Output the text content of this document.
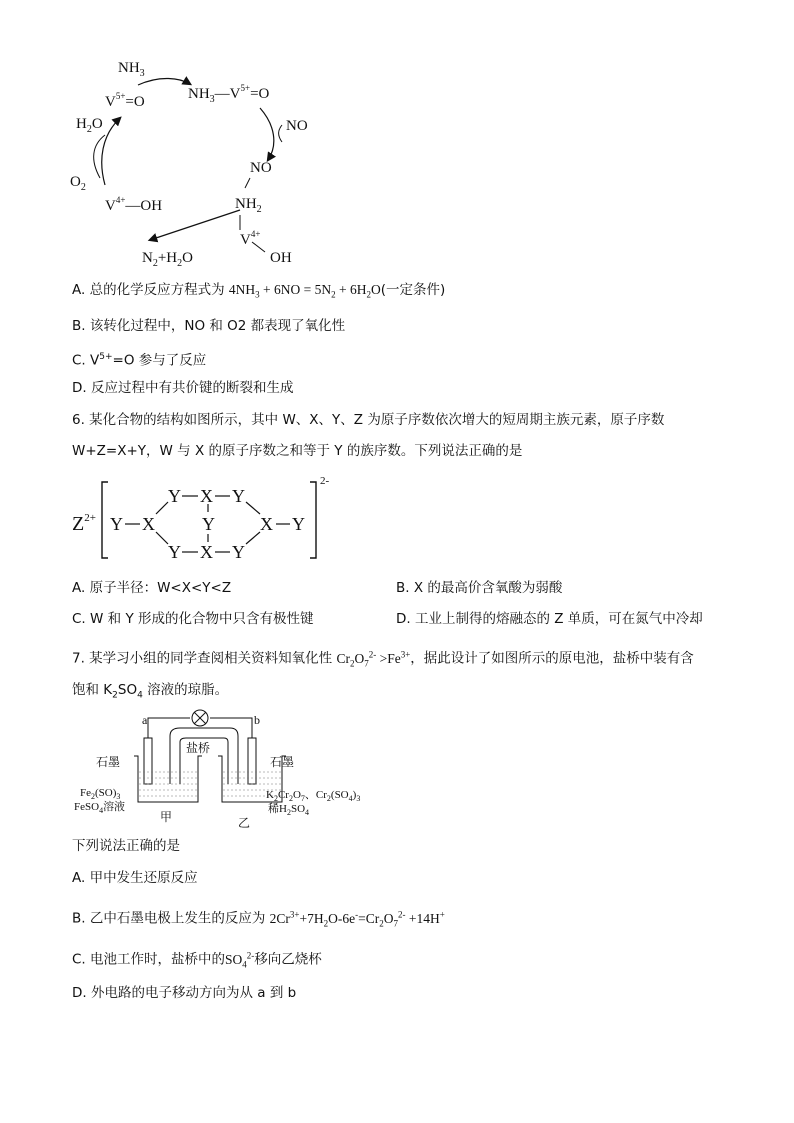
$NH_3$
$V^{5+}=O$	$NH_3—V^{5+}=O$
NO
NO
$NH_2$
$V^{4+}$
OH
$V^{4+}—OH$
$H_2O$
$O_2$
$N_2+H_2O$
A. 总的化学反应方程式为 $4NH_3 + 6NO = 5N_2 + 6H_2O$(一定条件)
B. 该转化过程中，NO 和 O2 都表现了氧化性
C. $V^{5+}=O$ 参与了反应
D. 反应过程中有共价键的断裂和生成
6. 某化合物的结构如图所示，其中 W、X、Y、Z 为原子序数依次增大的短周期主族元素，原子序数
W+Z=X+Y，W 与 X 的原子序数之和等于 Y 的族序数。下列说法正确的是
$Z^{2+}$
2-
Y X Y
Y X	Y	X Y
Y X Y
A. 原子半径：W<X<Y<Z	B. X 的最高价含氧酸为弱酸
C. W 和 Y 形成的化合物中只含有极性键	D. 工业上制得的熔融态的 Z 单质，可在氮气中冷却
7. 某学习小组的同学查阅相关资料知氧化性 $Cr_2O_7^{2-} >Fe^{3+}$，据此设计了如图所示的原电池，盐桥中装有含
饱和 $K_2SO_4$ 溶液的琼脂。
a	b
盐桥
石墨	石墨
$Fe_2(SO)_3$
FeSO$_4$溶液
$K_2Cr_2O_7$、$Cr_2(SO_4)_3$
稀$H_2SO_4$
甲	乙
下列说法正确的是
A. 甲中发生还原反应
B. 乙中石墨电极上发生的反应为 $2Cr^{3+}+7H_2O-6e^-=Cr_2O_7^{2-} +14H^+$
C. 电池工作时，盐桥中的$SO_4^{2-}$移向乙烧杯
D. 外电路的电子移动方向为从 a 到 b
